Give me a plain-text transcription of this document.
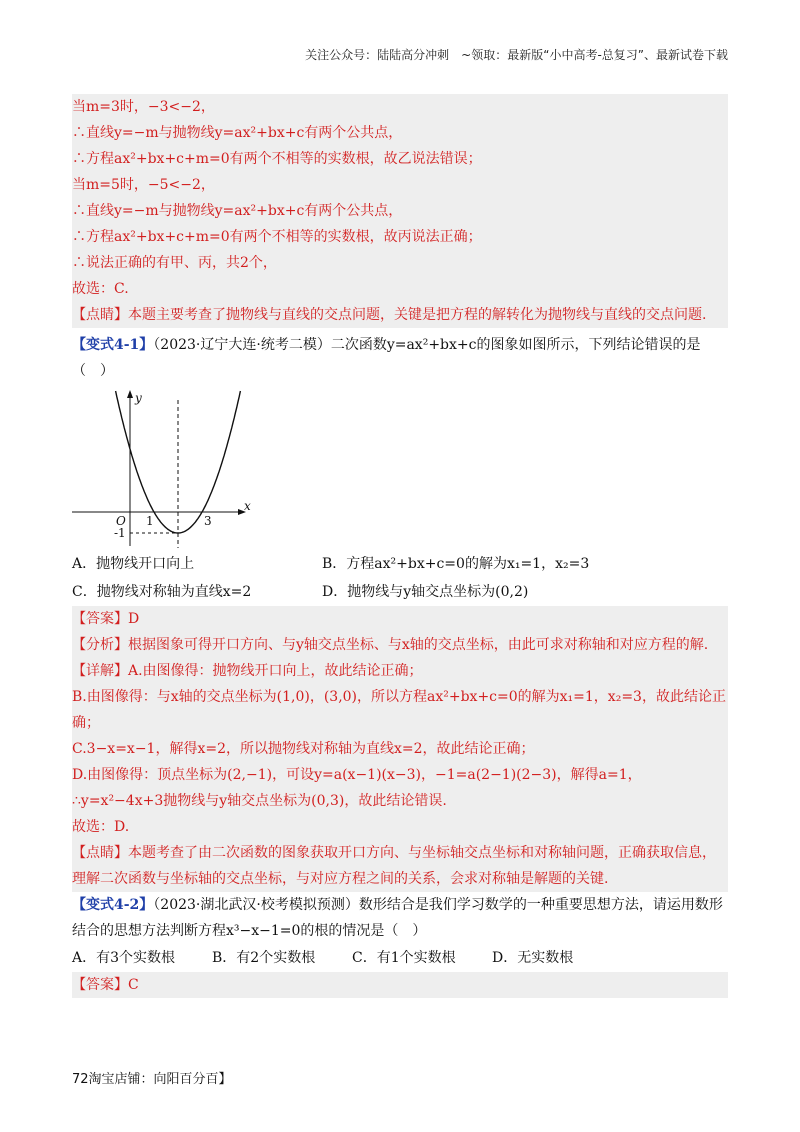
关注公众号：陆陆高分冲刺　~领取：最新版“小中高考-总复习”、最新试卷下载
当m=3时，−3<−2，
∴直线y=−m与抛物线y=ax²+bx+c有两个公共点，
∴方程ax²+bx+c+m=0有两个不相等的实数根，故乙说法错误；
当m=5时，−5<−2，
∴直线y=−m与抛物线y=ax²+bx+c有两个公共点，
∴方程ax²+bx+c+m=0有两个不相等的实数根，故丙说法正确；
∴说法正确的有甲、丙，共2个，
故选：C.
【点睛】本题主要考查了抛物线与直线的交点问题，关键是把方程的解转化为抛物线与直线的交点问题.
【变式4-1】（2023·辽宁大连·统考二模）二次函数y=ax²+bx+c的图象如图所示，下列结论错误的是
（　）
y
x
O 1	3
-1
A．抛物线开口向上	B．方程ax²+bx+c=0的解为x₁=1，x₂=3
C．抛物线对称轴为直线x=2	D．抛物线与y轴交点坐标为(0,2)
【答案】D
【分析】根据图象可得开口方向、与y轴交点坐标、与x轴的交点坐标，由此可求对称轴和对应方程的解.
【详解】A.由图像得：抛物线开口向上，故此结论正确；
B.由图像得：与x轴的交点坐标为(1,0)，(3,0)，所以方程ax²+bx+c=0的解为x₁=1，x₂=3，故此结论正确；
C.3−x=x−1，解得x=2，所以抛物线对称轴为直线x=2，故此结论正确；
D.由图像得：顶点坐标为(2,−1)，可设y=a(x−1)(x−3)，−1=a(2−1)(2−3)，解得a=1，
∴y=x²−4x+3抛物线与y轴交点坐标为(0,3)，故此结论错误.
故选：D.
【点睛】本题考查了由二次函数的图象获取开口方向、与坐标轴交点坐标和对称轴问题，正确获取信息，理解二次函数与坐标轴的交点坐标，与对应方程之间的关系，会求对称轴是解题的关键.
【变式4-2】（2023·湖北武汉·校考模拟预测）数形结合是我们学习数学的一种重要思想方法，请运用数形结合的思想方法判断方程x³−x−1=0的根的情况是（　）
A．有3个实数根	B．有2个实数根	C．有1个实数根	D．无实数根
【答案】C
72淘宝店铺：向阳百分百】
